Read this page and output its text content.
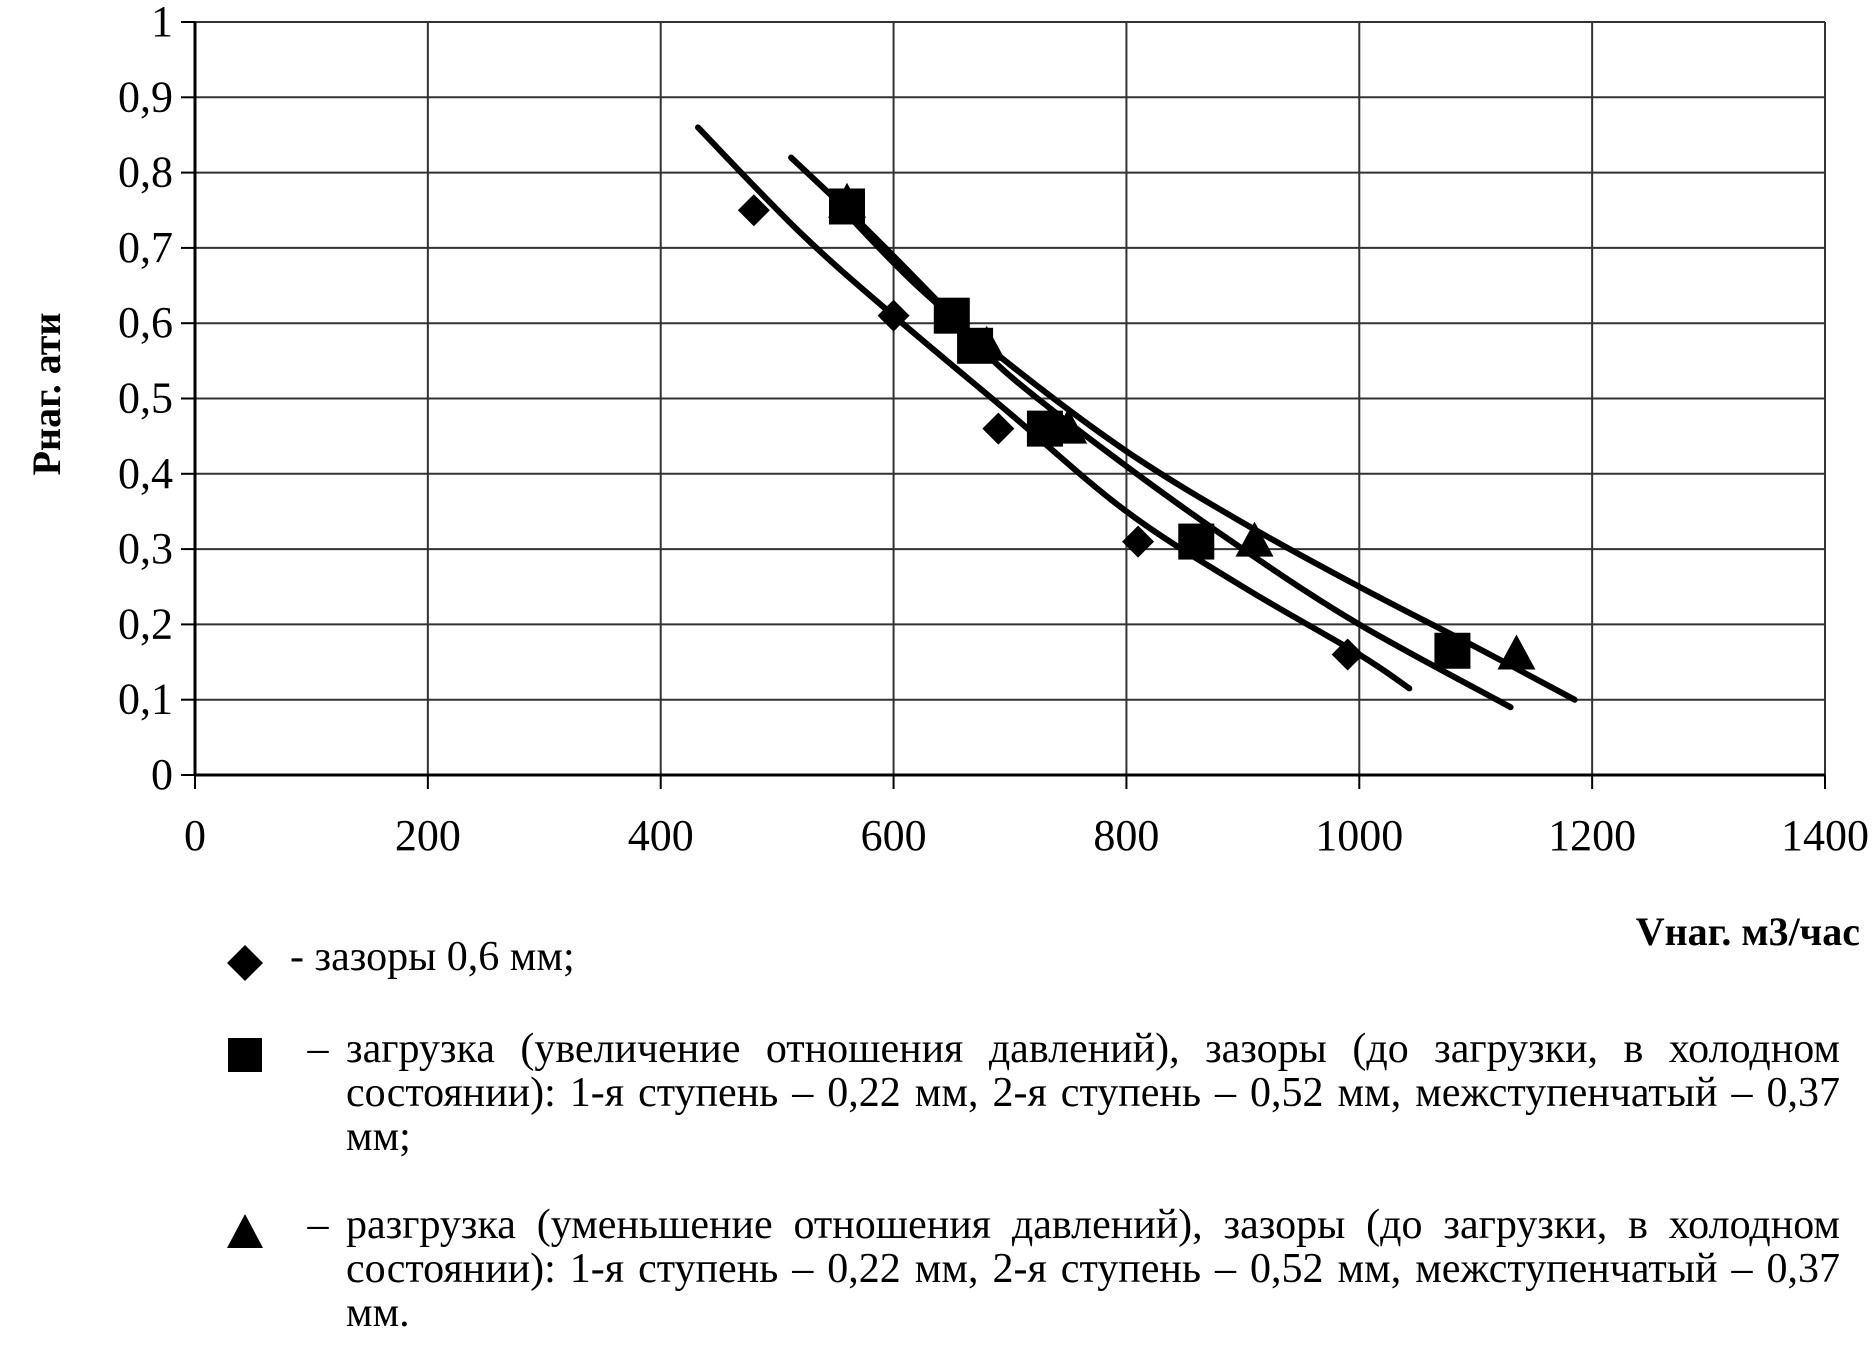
0	200	400	600	800	1000	1200	1400
0
0,1
0,2
0,3
0,4
0,5
0,6
0,7
0,8
0,9
1
Рнаг. ати
Vнаг. м3/час
- зазоры 0,6 мм;
– загрузка (увеличение отношения давлений), зазоры (до загрузки, в холодном состоянии): 1-я ступень – 0,22 мм, 2-я ступень – 0,52 мм, межступенчатый – 0,37 мм;
– разгрузка (уменьшение отношения давлений), зазоры (до загрузки, в холодном состоянии): 1-я ступень – 0,22 мм, 2-я ступень – 0,52 мм, межступенчатый – 0,37 мм.
